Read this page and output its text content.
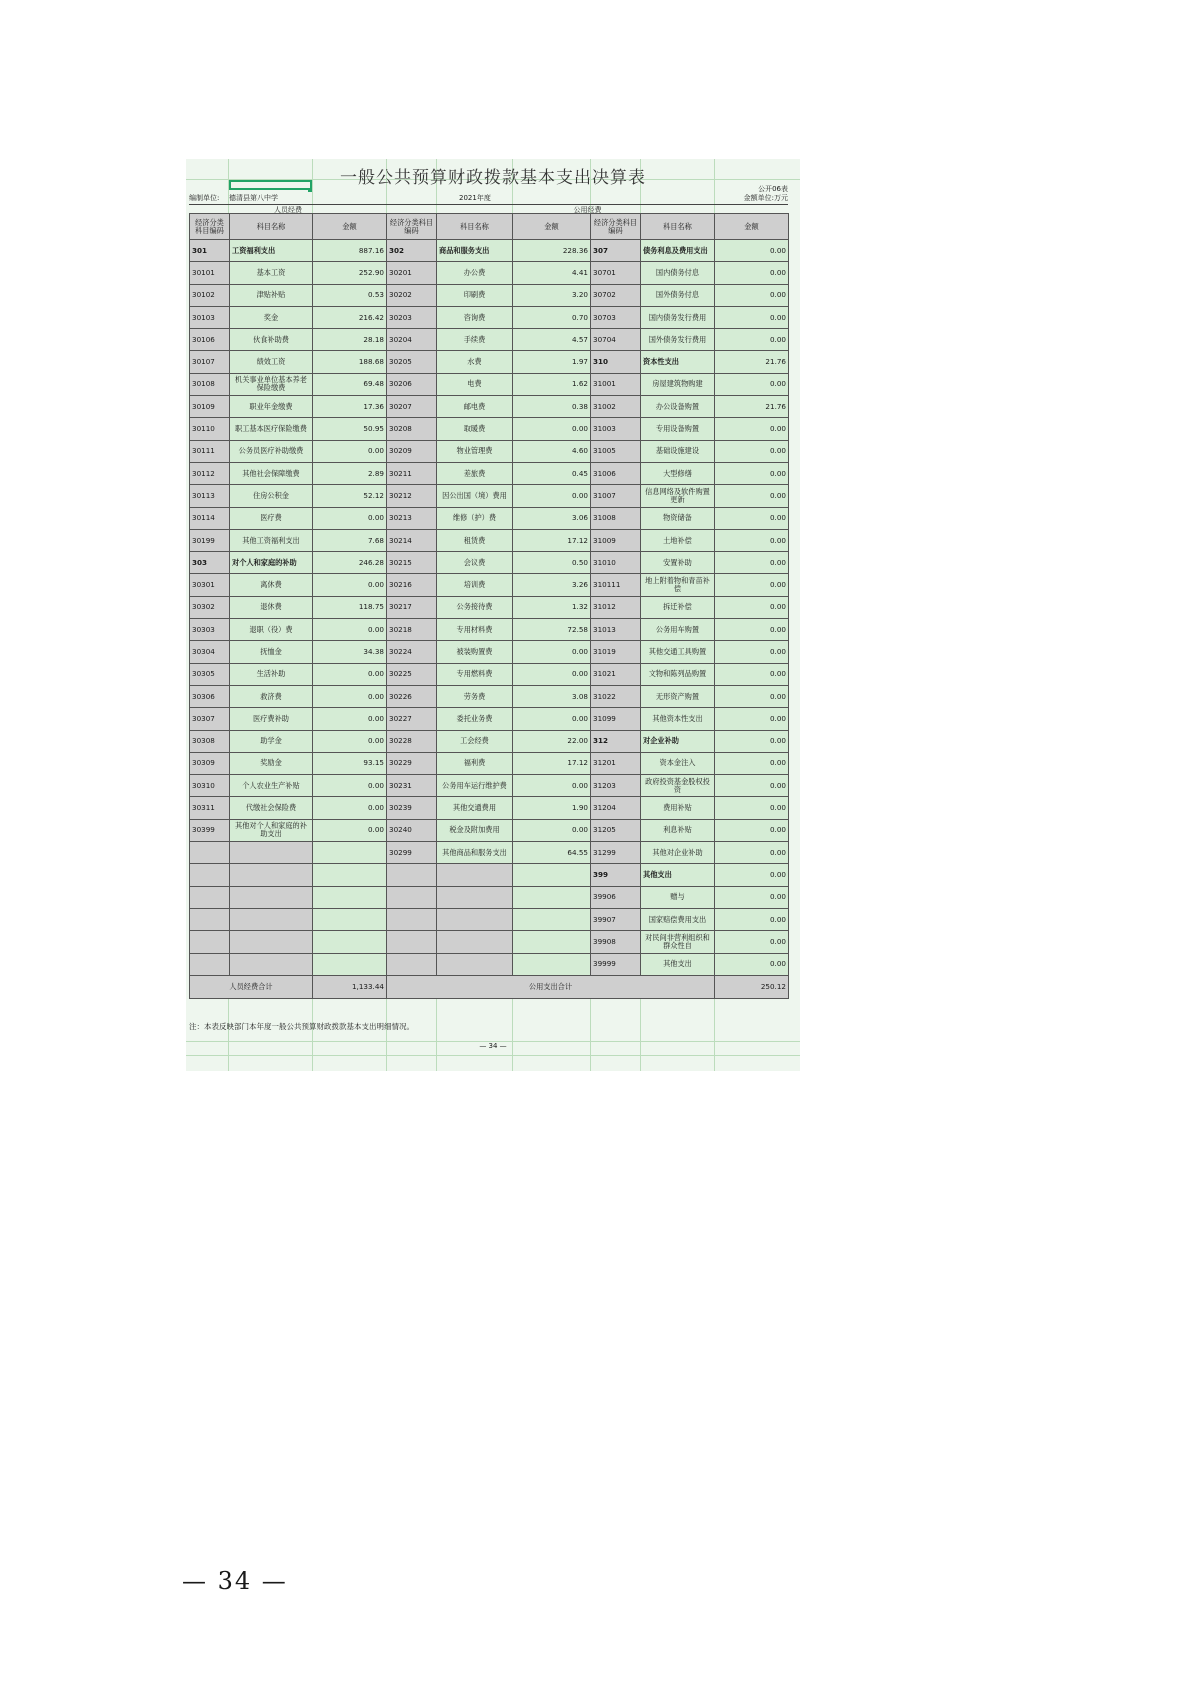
一般公共预算财政拨款基本支出决算表
公开06表
编制单位: 德清县第八中学	2021年度	金额单位:万元
人员经费	公用经费
经济分类科目编码	科目名称	金额	经济分类科目编码	科目名称	金额	经济分类科目编码	科目名称	金额
301	工资福利支出	887.16	302	商品和服务支出	228.36	307	债务利息及费用支出	0.00
30101	基本工资	252.90	30201	办公费	4.41	30701	国内债务付息	0.00
30102	津贴补贴	0.53	30202	印刷费	3.20	30702	国外债务付息	0.00
30103	奖金	216.42	30203	咨询费	0.70	30703	国内债务发行费用	0.00
30106	伙食补助费	28.18	30204	手续费	4.57	30704	国外债务发行费用	0.00
30107	绩效工资	188.68	30205	水费	1.97	310	资本性支出	21.76
30108	机关事业单位基本养老保险缴费	69.48	30206	电费	1.62	31001	房屋建筑物购建	0.00
30109	职业年金缴费	17.36	30207	邮电费	0.38	31002	办公设备购置	21.76
30110	职工基本医疗保险缴费	50.95	30208	取暖费	0.00	31003	专用设备购置	0.00
30111	公务员医疗补助缴费	0.00	30209	物业管理费	4.60	31005	基础设施建设	0.00
30112	其他社会保障缴费	2.89	30211	差旅费	0.45	31006	大型修缮	0.00
30113	住房公积金	52.12	30212	因公出国（境）费用	0.00	31007	信息网络及软件购置更新	0.00
30114	医疗费	0.00	30213	维修（护）费	3.06	31008	物资储备	0.00
30199	其他工资福利支出	7.68	30214	租赁费	17.12	31009	土地补偿	0.00
303	对个人和家庭的补助	246.28	30215	会议费	0.50	31010	安置补助	0.00
30301	离休费	0.00	30216	培训费	3.26	310111	地上附着物和青苗补偿	0.00
30302	退休费	118.75	30217	公务接待费	1.32	31012	拆迁补偿	0.00
30303	退职（役）费	0.00	30218	专用材料费	72.58	31013	公务用车购置	0.00
30304	抚恤金	34.38	30224	被装购置费	0.00	31019	其他交通工具购置	0.00
30305	生活补助	0.00	30225	专用燃料费	0.00	31021	文物和陈列品购置	0.00
30306	救济费	0.00	30226	劳务费	3.08	31022	无形资产购置	0.00
30307	医疗费补助	0.00	30227	委托业务费	0.00	31099	其他资本性支出	0.00
30308	助学金	0.00	30228	工会经费	22.00	312	对企业补助	0.00
30309	奖励金	93.15	30229	福利费	17.12	31201	资本金注入	0.00
30310	个人农业生产补贴	0.00	30231	公务用车运行维护费	0.00	31203	政府投资基金股权投资	0.00
30311	代缴社会保险费	0.00	30239	其他交通费用	1.90	31204	费用补贴	0.00
30399	其他对个人和家庭的补助支出	0.00	30240	税金及附加费用	0.00	31205	利息补贴	0.00
			30299	其他商品和服务支出	64.55	31299	其他对企业补助	0.00
						399	其他支出	0.00
						39906	赠与	0.00
						39907	国家赔偿费用支出	0.00
						39908	对民间非营利组织和群众性自	0.00
						39999	其他支出	0.00
人员经费合计		1,133.44	公用支出合计					250.12
注：本表反映部门本年度一般公共预算财政拨款基本支出明细情况。
— 34 —
— 34 —
